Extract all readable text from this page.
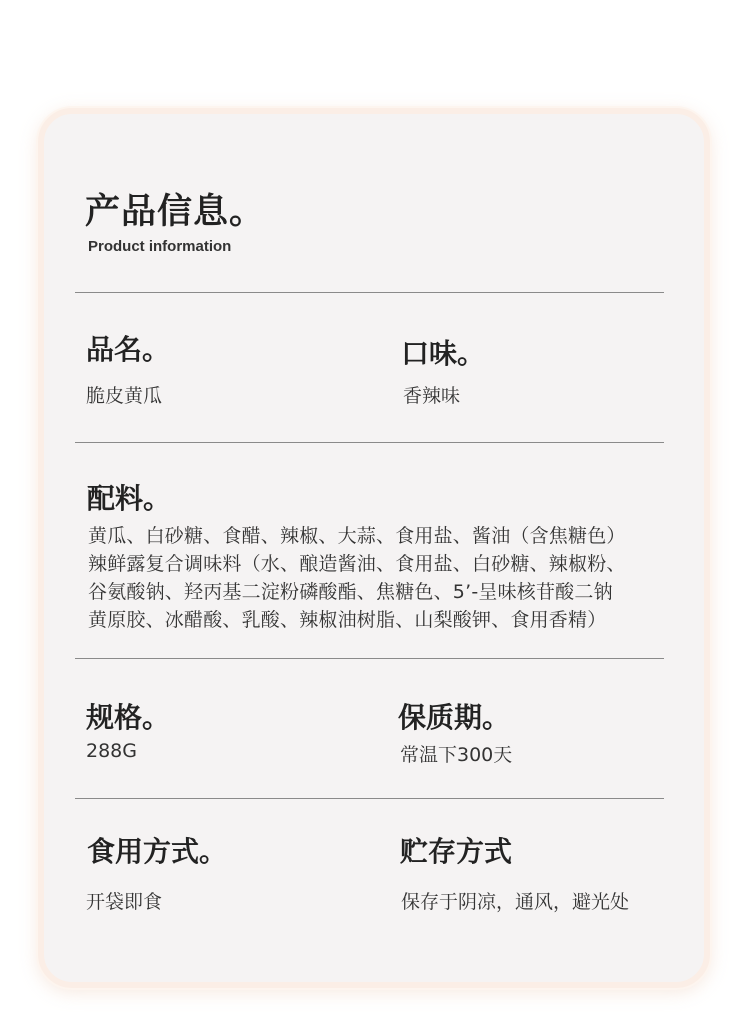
产品信息。
Product information
品名。
脆皮黄瓜
口味。
香辣味
配料。
黄瓜、白砂糖、食醋、辣椒、大蒜、食用盐、酱油（含焦糖色）
辣鲜露复合调味料（水、酿造酱油、食用盐、白砂糖、辣椒粉、
谷氨酸钠、羟丙基二淀粉磷酸酯、焦糖色、5’-呈味核苷酸二钠
黄原胶、冰醋酸、乳酸、辣椒油树脂、山梨酸钾、食用香精）
规格。
288G
保质期。
常温下300天
食用方式。
开袋即食
贮存方式
保存于阴凉，通风，避光处
